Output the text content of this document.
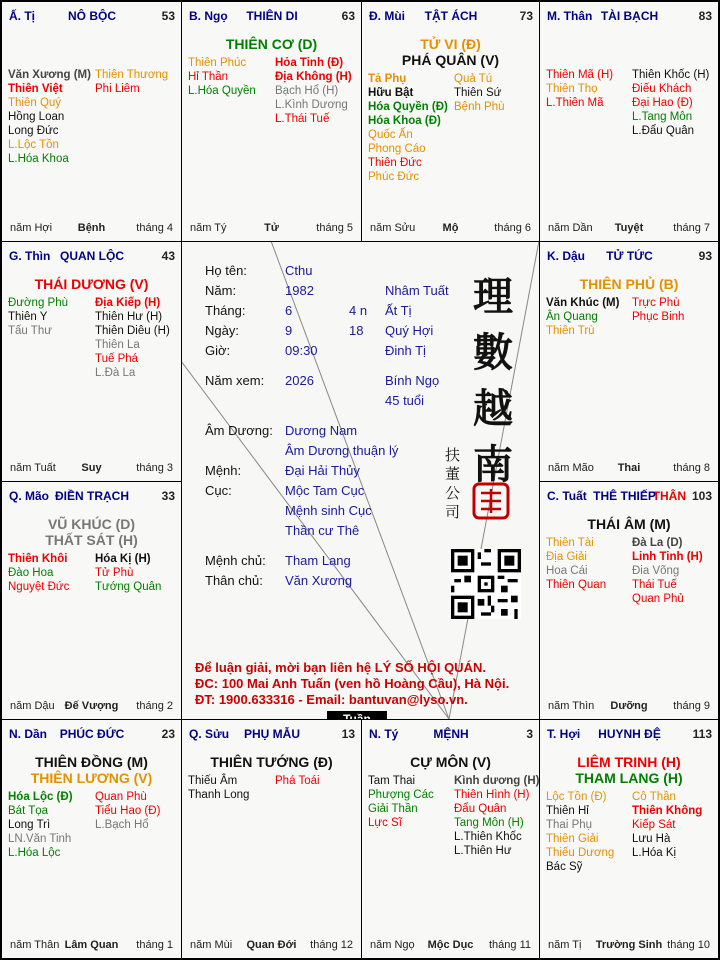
Họ tên:	Cthu
Năm:	1982	Nhâm Tuất
Tháng:	6	4 n Ất Tị
Ngày:	9	18 Quý Hợi
Giờ:	09:30	Đinh Tị
Năm xem: 2026	Bính Ngọ
45 tuổi
Âm Dương: Dương Nam
Âm Dương thuận lý
Mệnh:	Đại Hải Thủy
Cục:	Mộc Tam Cục
Mệnh sinh Cục
Thần cư Thê
Mệnh chủ: Tham Lang
Thân chủ: Văn Xương
理數越南
扶董公司
Để luận giải, mời bạn liên hệ LÝ SỐ HỘI QUÁN.
ĐC: 100 Mai Anh Tuấn (ven hồ Hoàng Cầu), Hà Nội.
ĐT: 1900.633316 - Email: bantuvan@lyso.vn.
Ấ. Tị	NÔ BỘC	53
Văn Xương (M)
Thiên Việt
Thiên Quý
Hồng Loan
Long Đức
L.Lộc Tồn
L.Hóa Khoa
Thiên Thương
Phi Liêm
năm Hợi	Bệnh	tháng 4
B. Ngọ	THIÊN DI	63
THIÊN CƠ (D)
Thiên Phúc
Hỉ Thần
L.Hóa Quyền
Hỏa Tinh (Đ)
Địa Không (H)
Bạch Hổ (H)
L.Kình Dương
L.Thái Tuế
năm Tý	Tử	tháng 5
Đ. Mùi	TẬT ÁCH	73
TỬ VI (Đ)
PHÁ QUÂN (V)
Tả Phụ
Hữu Bật
Hóa Quyền (Đ)
Hóa Khoa (Đ)
Quốc Ấn
Phong Cáo
Thiên Đức
Phúc Đức
Quả Tú
Thiên Sứ
Bệnh Phù
năm Sửu	Mộ	tháng 6
M. Thân TÀI BẠCH	83
Thiên Mã (H)
Thiên Thọ
L.Thiên Mã
Thiên Khốc (H)
Điếu Khách
Đại Hao (Đ)
L.Tang Môn
L.Đẩu Quân
năm Dần	Tuyệt	tháng 7
K. Dậu	TỬ TỨC	93
THIÊN PHỦ (B)
Văn Khúc (M)
Ân Quang
Thiên Trù
Trực Phù
Phục Binh
năm Mão	Thai	tháng 8
THÂN
C. Tuất THÊ THIẾP	103
THÁI ÂM (M)
Thiên Tài
Địa Giải
Hoa Cái
Thiên Quan
Đà La (D)
Linh Tinh (H)
Đia Võng
Thái Tuế
Quan Phủ
năm Thìn	Dưỡng	tháng 9
T. Hợi	HUYNH ĐỆ	113
LIÊM TRINH (H)
THAM LANG (H)
Lộc Tồn (Đ)
Thiên Hỉ
Thai Phụ
Thiên Giải
Thiếu Dương
Bác Sỹ
Cô Thần
Thiên Không
Kiếp Sát
Lưu Hà
L.Hóa Kị
năm Tị	Trường Sinh tháng 10
N. Tý	MỆNH	3
CỰ MÔN (V)
Tam Thai
Phượng Các
Giải Thần
Lực Sĩ
Kình dương (H)
Thiên Hình (H)
Đẩu Quân
Tang Môn (H)
L.Thiên Khốc
L.Thiên Hư
năm Ngọ	Mộc Dục	tháng 11
Q. Sửu	PHỤ MẪU	13
THIÊN TƯỚNG (Đ)
Thiếu Âm
Thanh Long
Phá Toái
năm Mùi	Quan Đới	tháng 12
N. Dần	PHÚC ĐỨC	23
THIÊN ĐỒNG (M)
THIÊN LƯƠNG (V)
Hóa Lộc (Đ)
Bát Tọa
Long Trì
LN.Văn Tinh
L.Hóa Lộc
Quan Phù
Tiểu Hao (Đ)
L.Bạch Hổ
năm Thân Lâm Quan	tháng 1
Q. Mão ĐIỀN TRẠCH	33
VŨ KHÚC (D)
THẤT SÁT (H)
Thiên Khôi
Đào Hoa
Nguyệt Đức
Hóa Kị (H)
Tử Phù
Tướng Quân
năm Dậu Đế Vượng	tháng 2
G. Thìn QUAN LỘC	43
THÁI DƯƠNG (V)
Đường Phù
Thiên Y
Tấu Thư
Địa Kiếp (H)
Thiên Hư (H)
Thiên Diêu (H)
Thiên La
Tuế Phá
L.Đà La
năm Tuất	Suy	tháng 3
